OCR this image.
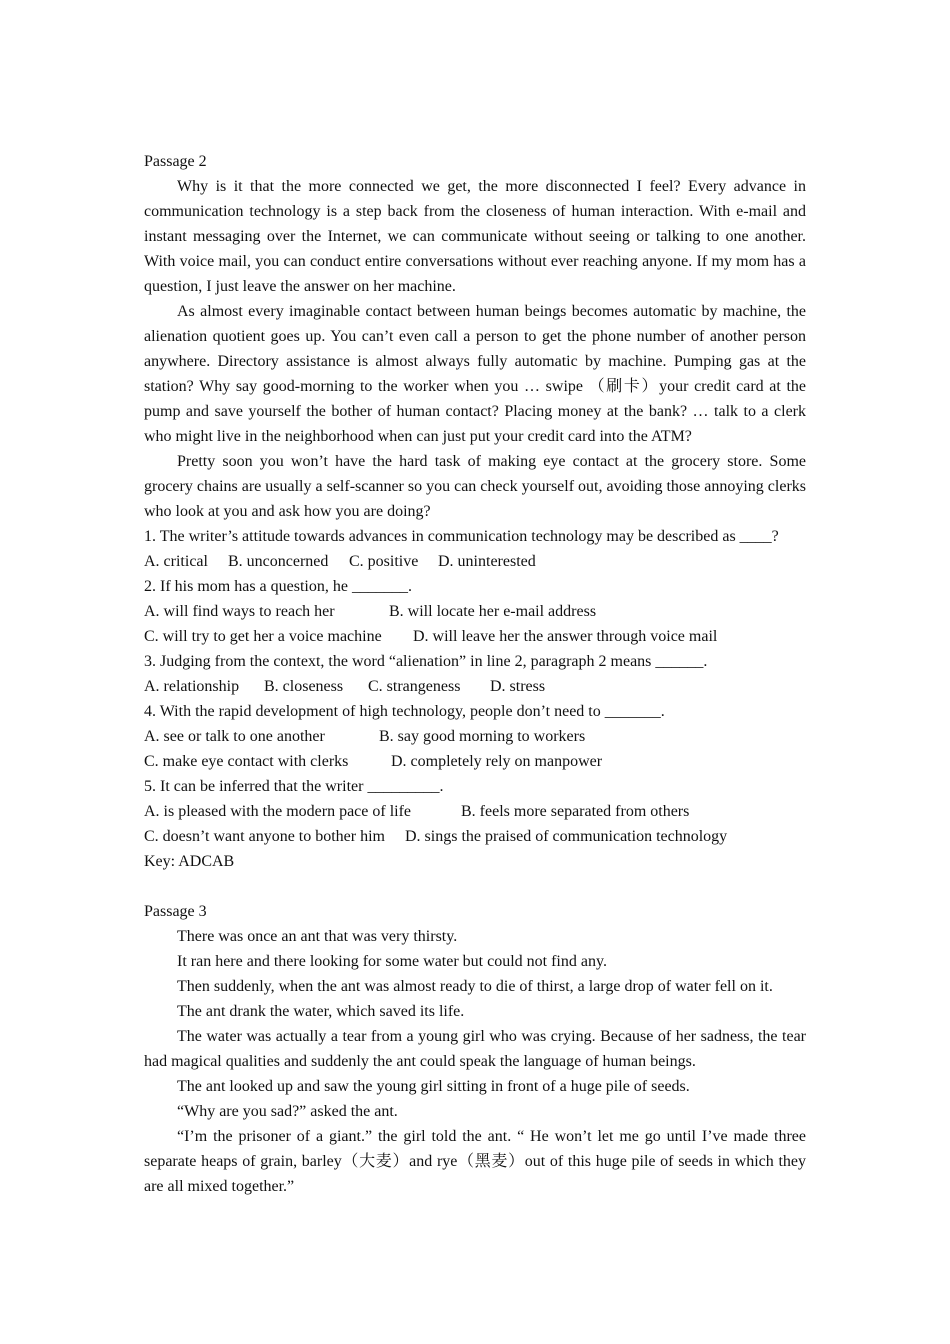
Passage 2

Why is it that the more connected we get, the more disconnected I feel? Every advance in communication technology is a step back from the closeness of human interaction. With e-mail and instant messaging over the Internet, we can communicate without seeing or talking to one another. With voice mail, you can conduct entire conversations without ever reaching anyone. If my mom has a question, I just leave the answer on her machine.

As almost every imaginable contact between human beings becomes automatic by machine, the alienation quotient goes up. You can’t even call a person to get the phone number of another person anywhere. Directory assistance is almost always fully automatic by machine. Pumping gas at the station? Why say good-morning to the worker when you … swipe （刷卡）your credit card at the pump and save yourself the bother of human contact? Placing money at the bank? … talk to a clerk who might live in the neighborhood when can just put your credit card into the ATM?

Pretty soon you won’t have the hard task of making eye contact at the grocery store. Some grocery chains are usually a self-scanner so you can check yourself out, avoiding those annoying clerks who look at you and ask how you are doing?

1. The writer’s attitude towards advances in communication technology may be described as ____?

A. critical	B. unconcerned	C. positive	D. uninterested

2. If his mom has a question, he _______.

A. will find ways to reach her	B. will locate her e-mail address

C. will try to get her a voice machine	D. will leave her the answer through voice mail

3. Judging from the context, the word “alienation” in line 2, paragraph 2 means ______.

A. relationship	B. closeness	C. strangeness	D. stress

4. With the rapid development of high technology, people don’t need to _______.

A. see or talk to one another	B. say good morning to workers

C. make eye contact with clerks	D. completely rely on manpower

5. It can be inferred that the writer _________.

A. is pleased with the modern pace of life	B. feels more separated from others

C. doesn’t want anyone to bother him	D. sings the praised of communication technology

Key: ADCAB

Passage 3

There was once an ant that was very thirsty.

It ran here and there looking for some water but could not find any.

Then suddenly, when the ant was almost ready to die of thirst, a large drop of water fell on it.

The ant drank the water, which saved its life.

The water was actually a tear from a young girl who was crying. Because of her sadness, the tear had magical qualities and suddenly the ant could speak the language of human beings.

The ant looked up and saw the young girl sitting in front of a huge pile of seeds.

“Why are you sad?” asked the ant.

“I’m the prisoner of a giant.” the girl told the ant. “ He won’t let me go until I’ve made three separate heaps of grain, barley（大麦）and rye（黑麦）out of this huge pile of seeds in which they are all mixed together.”
